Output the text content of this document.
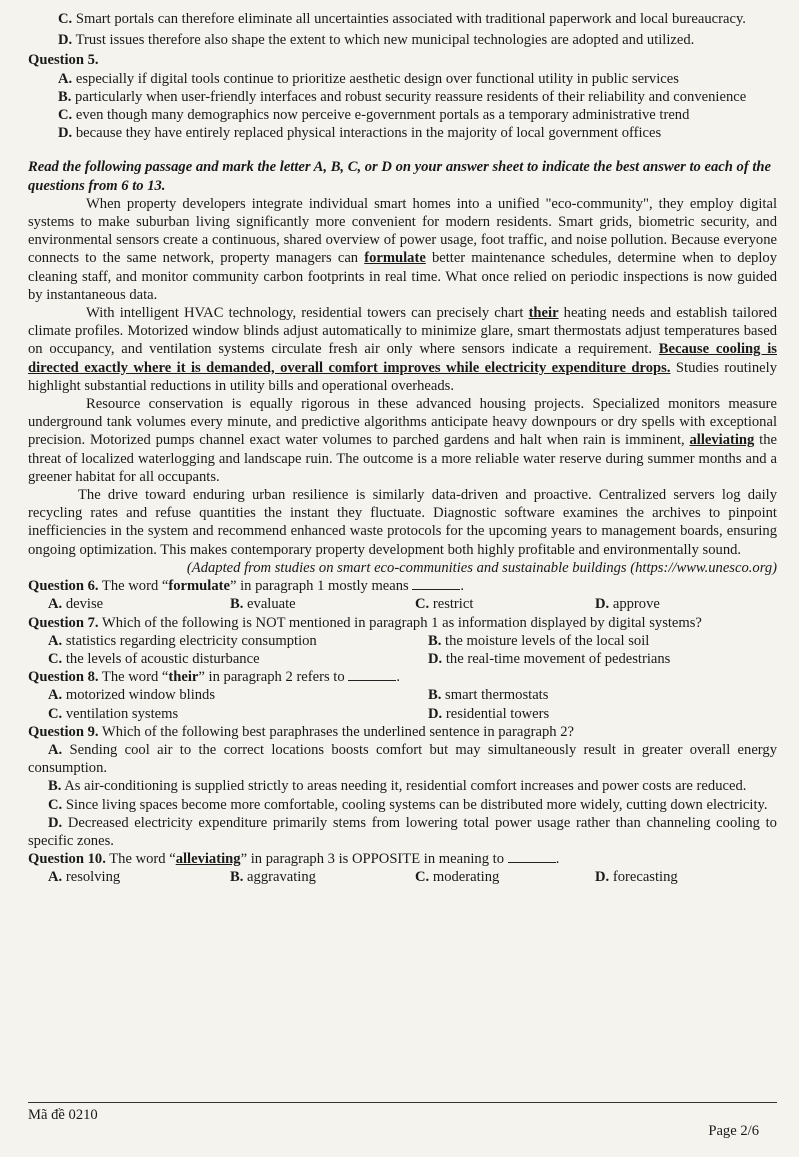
C. Smart portals can therefore eliminate all uncertainties associated with traditional paperwork and local bureaucracy.

D. Trust issues therefore also shape the extent to which new municipal technologies are adopted and utilized.

Question 5.

A. especially if digital tools continue to prioritize aesthetic design over functional utility in public services

B. particularly when user-friendly interfaces and robust security reassure residents of their reliability and convenience

C. even though many demographics now perceive e-government portals as a temporary administrative trend

D. because they have entirely replaced physical interactions in the majority of local government offices

Read the following passage and mark the letter A, B, C, or D on your answer sheet to indicate the best answer to each of the questions from 6 to 13.

When property developers integrate individual smart homes into a unified "eco-community", they employ digital systems to make suburban living significantly more convenient for modern residents. Smart grids, biometric security, and environmental sensors create a continuous, shared overview of power usage, foot traffic, and noise pollution. Because everyone connects to the same network, property managers can formulate better maintenance schedules, determine when to deploy cleaning staff, and monitor community carbon footprints in real time. What once relied on periodic inspections is now guided by instantaneous data.

With intelligent HVAC technology, residential towers can precisely chart their heating needs and establish tailored climate profiles. Motorized window blinds adjust automatically to minimize glare, smart thermostats adjust temperatures based on occupancy, and ventilation systems circulate fresh air only where sensors indicate a requirement. Because cooling is directed exactly where it is demanded, overall comfort improves while electricity expenditure drops. Studies routinely highlight substantial reductions in utility bills and operational overheads.

Resource conservation is equally rigorous in these advanced housing projects. Specialized monitors measure underground tank volumes every minute, and predictive algorithms anticipate heavy downpours or dry spells with exceptional precision. Motorized pumps channel exact water volumes to parched gardens and halt when rain is imminent, alleviating the threat of localized waterlogging and landscape ruin. The outcome is a more reliable water reserve during summer months and a greener habitat for all occupants.

The drive toward enduring urban resilience is similarly data-driven and proactive. Centralized servers log daily recycling rates and refuse quantities the instant they fluctuate. Diagnostic software examines the archives to pinpoint inefficiencies in the system and recommend enhanced waste protocols for the upcoming years to management boards, ensuring ongoing optimization. This makes contemporary property development both highly profitable and environmentally sound.

(Adapted from studies on smart eco-communities and sustainable buildings (https://www.unesco.org)

Question 6. The word “formulate” in paragraph 1 mostly means	.

A. devise	B. evaluate	C. restrict	D. approve

Question 7. Which of the following is NOT mentioned in paragraph 1 as information displayed by digital systems?

A. statistics regarding electricity consumption	B. the moisture levels of the local soil
C. the levels of acoustic disturbance	D. the real-time movement of pedestrians

Question 8. The word “their” in paragraph 2 refers to	.

A. motorized window blinds	B. smart thermostats
C. ventilation systems	D. residential towers

Question 9. Which of the following best paraphrases the underlined sentence in paragraph 2?

A. Sending cool air to the correct locations boosts comfort but may simultaneously result in greater overall energy consumption.

B. As air-conditioning is supplied strictly to areas needing it, residential comfort increases and power costs are reduced.

C. Since living spaces become more comfortable, cooling systems can be distributed more widely, cutting down electricity.

D. Decreased electricity expenditure primarily stems from lowering total power usage rather than channeling cooling to specific zones.

Question 10. The word “alleviating” in paragraph 3 is OPPOSITE in meaning to	.

A. resolving	B. aggravating	C. moderating	D. forecasting
Mã đề 0210
Page 2/6
